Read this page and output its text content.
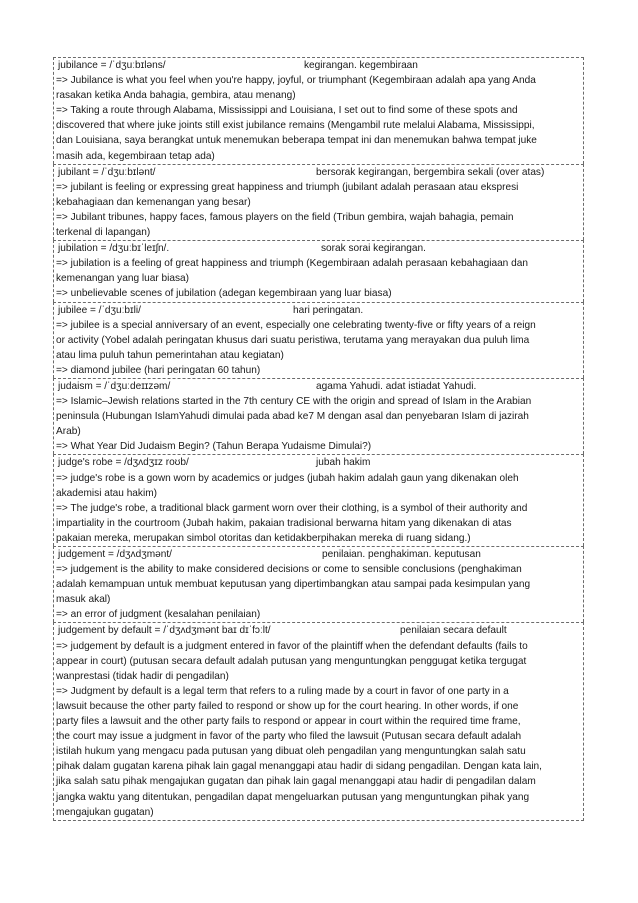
jubilance = /ˈdʒuːbɪləns/	kegirangan. kegembiraan
=> Jubilance is what you feel when you're happy, joyful, or triumphant (Kegembiraan adalah apa yang Anda
rasakan ketika Anda bahagia, gembira, atau menang)
=> Taking a route through Alabama, Mississippi and Louisiana, I set out to find some of these spots and
discovered that where juke joints still exist jubilance remains (Mengambil rute melalui Alabama, Mississippi,
dan Louisiana, saya berangkat untuk menemukan beberapa tempat ini dan menemukan bahwa tempat juke
masih ada, kegembiraan tetap ada)
jubilant = /ˈdʒuːbɪlənt/	bersorak kegirangan, bergembira sekali (over atas)
=> jubilant is feeling or expressing great happiness and triumph (jubilant adalah perasaan atau ekspresi
kebahagiaan dan kemenangan yang besar)
=> Jubilant tribunes, happy faces, famous players on the field (Tribun gembira, wajah bahagia, pemain
terkenal di lapangan)
jubilation = /dʒuːbɪˈleɪʃn/.	sorak sorai kegirangan.
=> jubilation is a feeling of great happiness and triumph (Kegembiraan adalah perasaan kebahagiaan dan
kemenangan yang luar biasa)
=> unbelievable scenes of jubilation (adegan kegembiraan yang luar biasa)
jubilee = /ˈdʒuːbɪli/	hari peringatan.
=> jubilee is a special anniversary of an event, especially one celebrating twenty-five or fifty years of a reign
or activity (Yobel adalah peringatan khusus dari suatu peristiwa, terutama yang merayakan dua puluh lima
atau lima puluh tahun pemerintahan atau kegiatan)
=> diamond jubilee (hari peringatan 60 tahun)
judaism = /ˈdʒuːdeɪɪzəm/	agama Yahudi. adat istiadat Yahudi.
=> Islamic–Jewish relations started in the 7th century CE with the origin and spread of Islam in the Arabian
peninsula (Hubungan IslamYahudi dimulai pada abad ke7 M dengan asal dan penyebaran Islam di jazirah
Arab)
=> What Year Did Judaism Begin? (Tahun Berapa Yudaisme Dimulai?)
judge's robe = /dʒʌdʒɪz roʊb/	jubah hakim
=> judge's robe is a gown worn by academics or judges (jubah hakim adalah gaun yang dikenakan oleh
akademisi atau hakim)
=> The judge's robe, a traditional black garment worn over their clothing, is a symbol of their authority and
impartiality in the courtroom (Jubah hakim, pakaian tradisional berwarna hitam yang dikenakan di atas
pakaian mereka, merupakan simbol otoritas dan ketidakberpihakan mereka di ruang sidang.)
judgement = /dʒʌdʒmənt/	penilaian. penghakiman. keputusan
=> judgement is the ability to make considered decisions or come to sensible conclusions (penghakiman
adalah kemampuan untuk membuat keputusan yang dipertimbangkan atau sampai pada kesimpulan yang
masuk akal)
=> an error of judgment (kesalahan penilaian)
judgement by default = /ˈdʒʌdʒmənt baɪ dɪˈfɔːlt/	penilaian secara default
=> judgement by default is a judgment entered in favor of the plaintiff when the defendant defaults (fails to
appear in court) (putusan secara default adalah putusan yang menguntungkan penggugat ketika tergugat
wanprestasi (tidak hadir di pengadilan)
=> Judgment by default is a legal term that refers to a ruling made by a court in favor of one party in a
lawsuit because the other party failed to respond or show up for the court hearing. In other words, if one
party files a lawsuit and the other party fails to respond or appear in court within the required time frame,
the court may issue a judgment in favor of the party who filed the lawsuit (Putusan secara default adalah
istilah hukum yang mengacu pada putusan yang dibuat oleh pengadilan yang menguntungkan salah satu
pihak dalam gugatan karena pihak lain gagal menanggapi atau hadir di sidang pengadilan. Dengan kata lain,
jika salah satu pihak mengajukan gugatan dan pihak lain gagal menanggapi atau hadir di pengadilan dalam
jangka waktu yang ditentukan, pengadilan dapat mengeluarkan putusan yang menguntungkan pihak yang
mengajukan gugatan)
